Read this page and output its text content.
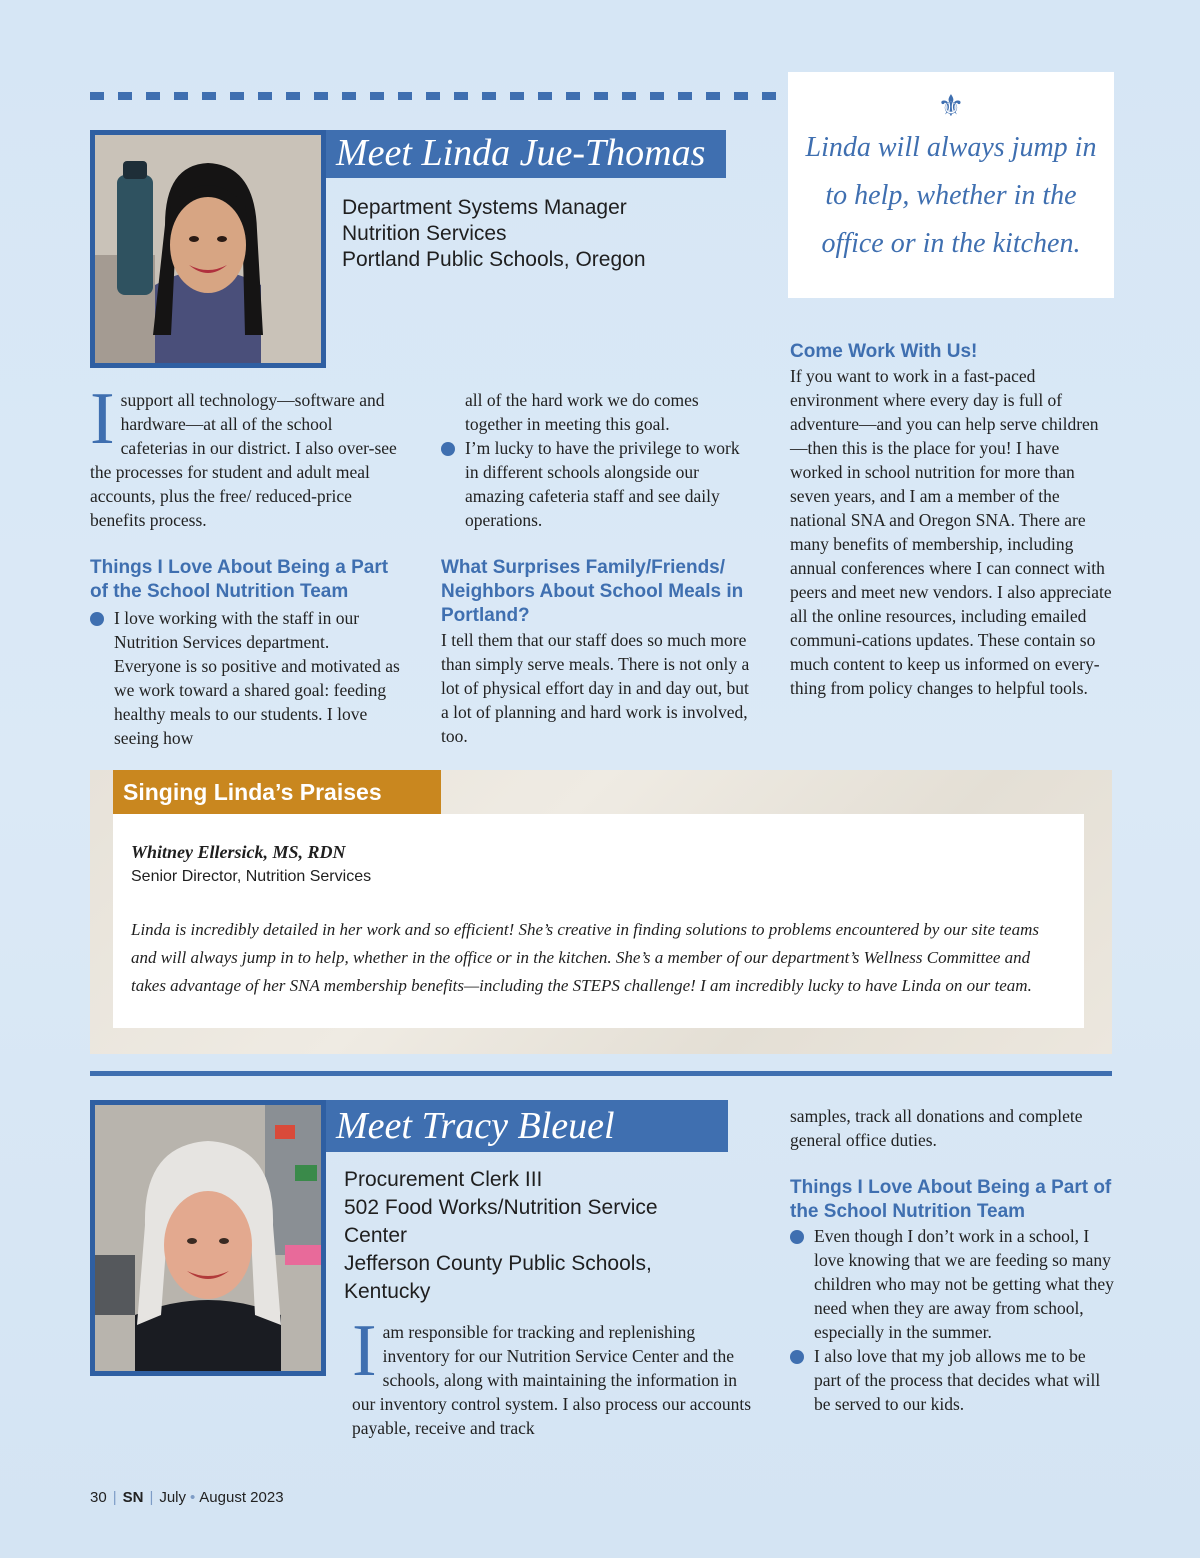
Meet Linda Jue-Thomas
Department Systems Manager
Nutrition Services
Portland Public Schools, Oregon
⚜
Linda will always jump in to help, whether in the office or in the kitchen.
I support all technology—software and hardware—at all of the school cafeterias in our district. I also over-see the processes for student and adult meal accounts, plus the free/ reduced-price benefits process.
Things I Love About Being a Part of the School Nutrition Team
I love working with the staff in our Nutrition Services department. Everyone is so positive and motivated as we work toward a shared goal: feeding healthy meals to our students. I love seeing how
all of the hard work we do comes together in meeting this goal.
I’m lucky to have the privilege to work in different schools alongside our amazing cafeteria staff and see daily operations.
What Surprises Family/Friends/ Neighbors About School Meals in Portland?
I tell them that our staff does so much more than simply serve meals. There is not only a lot of physical effort day in and day out, but a lot of planning and hard work is involved, too.
Come Work With Us!
If you want to work in a fast-paced environment where every day is full of adventure—and you can help serve children—then this is the place for you! I have worked in school nutrition for more than seven years, and I am a member of the national SNA and Oregon SNA. There are many benefits of membership, including annual conferences where I can connect with peers and meet new vendors. I also appreciate all the online resources, including emailed communi-cations updates. These contain so much content to keep us informed on every-thing from policy changes to helpful tools.
Singing Linda’s Praises
Whitney Ellersick, MS, RDN
Senior Director, Nutrition Services
Linda is incredibly detailed in her work and so efficient! She’s creative in finding solutions to problems encountered by our site teams and will always jump in to help, whether in the office or in the kitchen. She’s a member of our department’s Wellness Committee and takes advantage of her SNA membership benefits—including the STEPS challenge! I am incredibly lucky to have Linda on our team.
Meet Tracy Bleuel
Procurement Clerk III
502 Food Works/Nutrition Service
Center
Jefferson County Public Schools,
Kentucky
I am responsible for tracking and replenishing inventory for our Nutrition Service Center and the schools, along with maintaining the information in our inventory control system. I also process our accounts payable, receive and track
samples, track all donations and complete general office duties.
Things I Love About Being a Part of the School Nutrition Team
Even though I don’t work in a school, I love knowing that we are feeding so many children who may not be getting what they need when they are away from school, especially in the summer.
I also love that my job allows me to be part of the process that decides what will be served to our kids.
30 | SN | July • August 2023
